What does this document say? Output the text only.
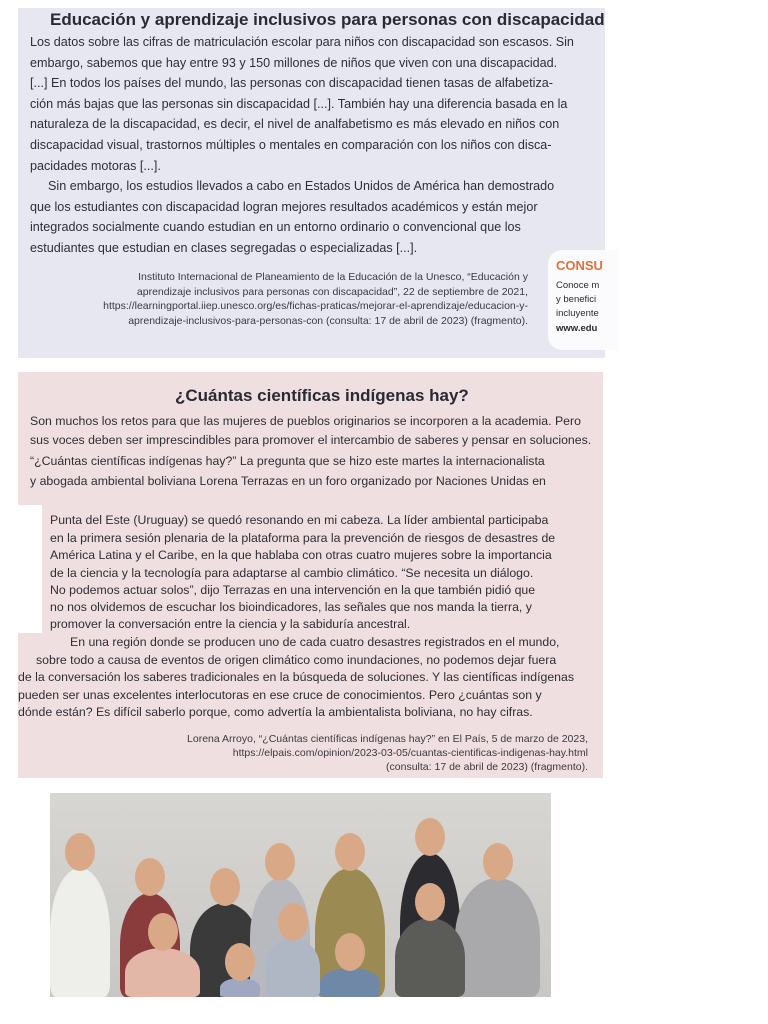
Educación y aprendizaje inclusivos para personas con discapacidad
Los datos sobre las cifras de matriculación escolar para niños con discapacidad son escasos. Sin
embargo, sabemos que hay entre 93 y 150 millones de niños que viven con una discapacidad.
[...] En todos los países del mundo, las personas con discapacidad tienen tasas de alfabetiza-
ción más bajas que las personas sin discapacidad [...]. También hay una diferencia basada en la
naturaleza de la discapacidad, es decir, el nivel de analfabetismo es más elevado en niños con
discapacidad visual, trastornos múltiples o mentales en comparación con los niños con disca-
pacidades motoras [...].
Sin embargo, los estudios llevados a cabo en Estados Unidos de América han demostrado
que los estudiantes con discapacidad logran mejores resultados académicos y están mejor
integrados socialmente cuando estudian en un entorno ordinario o convencional que los
estudiantes que estudian en clases segregadas o especializadas [...].
Instituto Internacional de Planeamiento de la Educación de la Unesco, “Educación y
aprendizaje inclusivos para personas con discapacidad”, 22 de septiembre de 2021,
https://learningportal.iiep.unesco.org/es/fichas-praticas/mejorar-el-aprendizaje/educacion-y-
aprendizaje-inclusivos-para-personas-con (consulta: 17 de abril de 2023) (fragmento).
CONSU
Conoce m
y benefici
incluyente
www.edu
¿Cuántas científicas indígenas hay?
Son muchos los retos para que las mujeres de pueblos originarios se incorporen a la academia. Pero
sus voces deben ser imprescindibles para promover el intercambio de saberes y pensar en soluciones.
“¿Cuántas científicas indígenas hay?” La pregunta que se hizo este martes la internacionalista
y abogada ambiental boliviana Lorena Terrazas en un foro organizado por Naciones Unidas en
Punta del Este (Uruguay) se quedó resonando en mi cabeza. La líder ambiental participaba
en la primera sesión plenaria de la plataforma para la prevención de riesgos de desastres de
América Latina y el Caribe, en la que hablaba con otras cuatro mujeres sobre la importancia
de la ciencia y la tecnología para adaptarse al cambio climático. “Se necesita un diálogo.
No podemos actuar solos”, dijo Terrazas en una intervención en la que también pidió que
no nos olvidemos de escuchar los bioindicadores, las señales que nos manda la tierra, y
promover la conversación entre la ciencia y la sabiduría ancestral.
En una región donde se producen uno de cada cuatro desastres registrados en el mundo,
sobre todo a causa de eventos de origen climático como inundaciones, no podemos dejar fuera
de la conversación los saberes tradicionales en la búsqueda de soluciones. Y las científicas indígenas
pueden ser unas excelentes interlocutoras en ese cruce de conocimientos. Pero ¿cuántas son y
dónde están? Es difícil saberlo porque, como advertía la ambientalista boliviana, no hay cifras.
Lorena Arroyo, “¿Cuántas científicas indígenas hay?” en El País, 5 de marzo de 2023,
https://elpais.com/opinion/2023-03-05/cuantas-cientificas-indigenas-hay.html
(consulta: 17 de abril de 2023) (fragmento).
